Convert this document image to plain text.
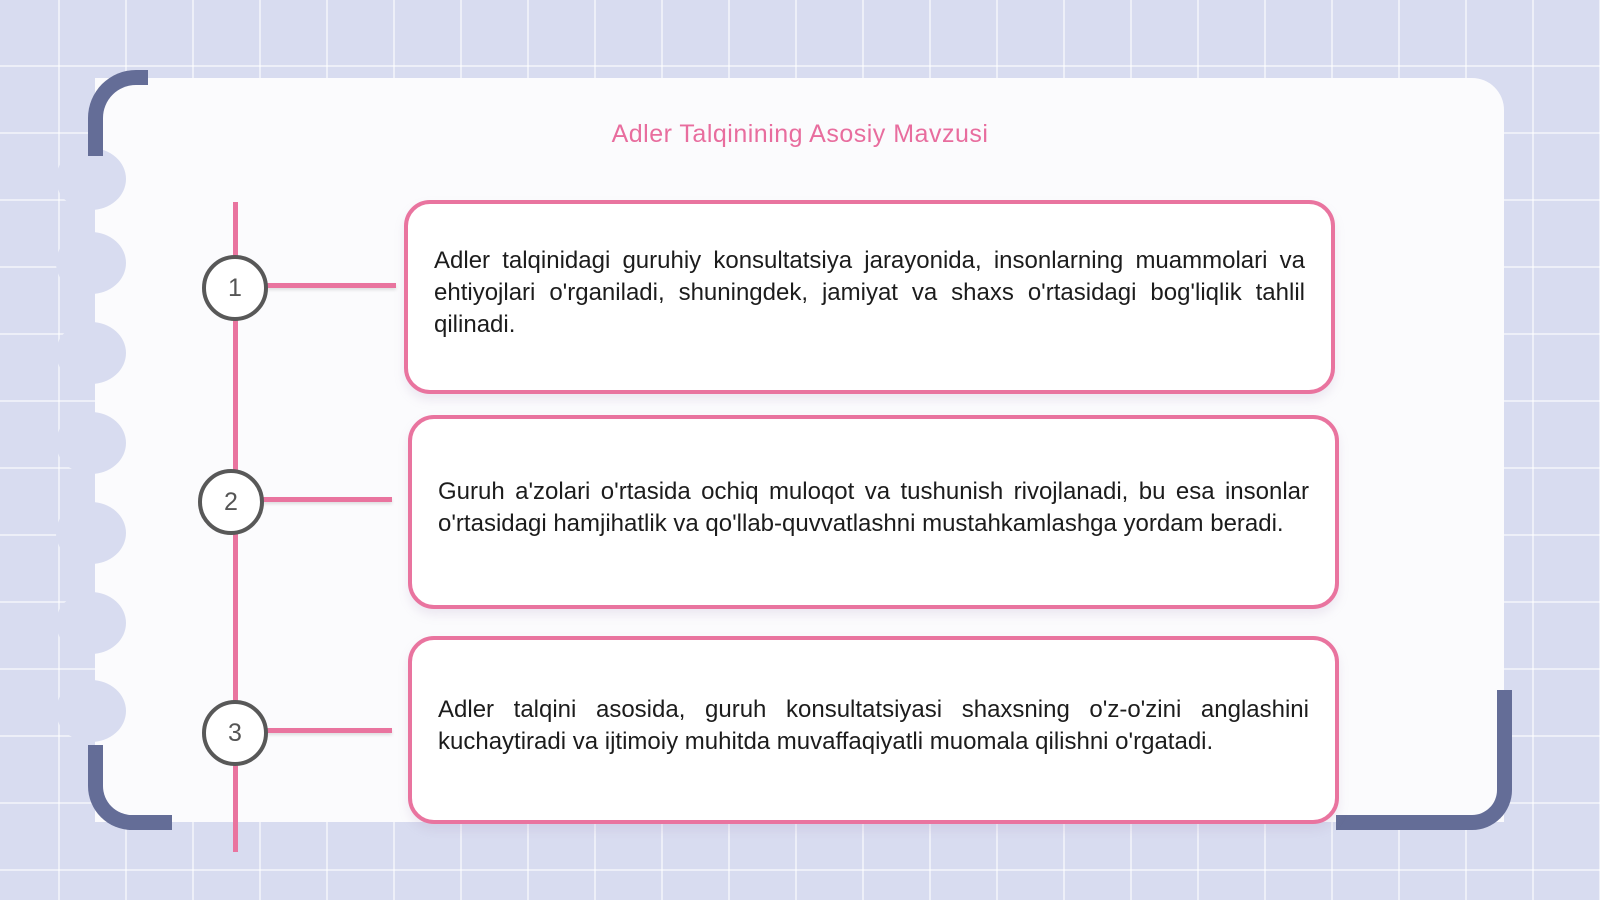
Adler Talqinining Asosiy Mavzusi
1

Adler talqinidagi guruhiy konsultatsiya jarayonida, insonlarning muammolari va ehtiyojlari o'rganiladi, shuningdek, jamiyat va shaxs o'rtasidagi bog'liqlik tahlil qilinadi.

2	Guruh a'zolari o'rtasida ochiq muloqot va tushunish rivojlanadi, bu esa insonlar o'rtasidagi hamjihatlik va qo'llab-quvvatlashni mustahkamlashga yordam beradi.

3

Adler talqini asosida, guruh konsultatsiyasi shaxsning o'z-o'zini anglashini kuchaytiradi va ijtimoiy muhitda muvaffaqiyatli muomala qilishni o'rgatadi.
